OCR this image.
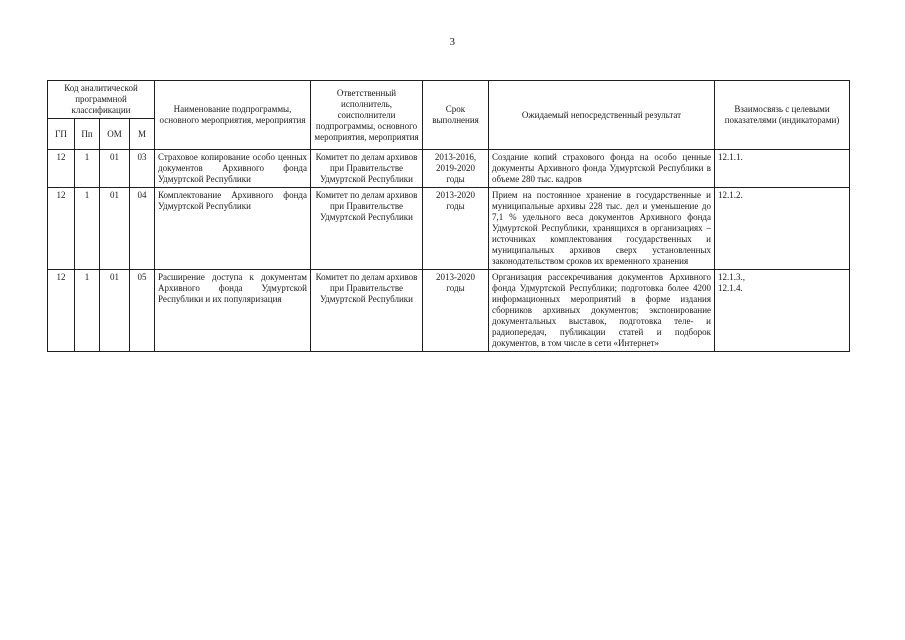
3
Код аналитической программной классификации				Наименование подпрограммы, основного мероприятия, мероприятия	Ответственный исполнитель, соисполнители подпрограммы, основного мероприятия, мероприятия	Срок выполнения	Ожидаемый непосредственный результат	Взаимосвязь с целевыми показателями (индикаторами)
ГП	Пп	ОМ	М					
12	1	01	03	Страховое копирование особо ценных документов Архивного фонда Удмуртской Республики	Комитет по делам архивов при Правительстве Удмуртской Республики	2013-2016, 2019-2020 годы	Создание копий страхового фонда на особо ценные документы Архивного фонда Удмуртской Республики в объеме 280 тыс. кадров	12.1.1.

12	1	01	04	Комплектование Архивного фонда Удмуртской Республики	Комитет по делам архивов при Правительстве Удмуртской Республики	2013-2020 годы	Прием на постоянное хранение в государственные и муниципальные архивы 228 тыс. дел и уменьшение до 7,1 % удельного веса документов Архивного фонда Удмуртской Республики, хранящихся в организациях – источниках комплектования государственных и муниципальных архивов сверх установленных законодательством сроков их временного хранения	12.1.2.

12	1	01	05	Расширение доступа к документам Архивного фонда Удмуртской Республики и их популяризация	Комитет по делам архивов при Правительстве Удмуртской Республики	2013-2020 годы	Организация рассекречивания документов Архивного фонда Удмуртской Республики; подготовка более 4200 информационных мероприятий в форме издания сборников архивных документов; экспонирование документальных выставок, подготовка теле- и радиопередач, публикации статей и подборок документов, в том числе в сети «Интернет»	12.1.3.,
12.1.4.
